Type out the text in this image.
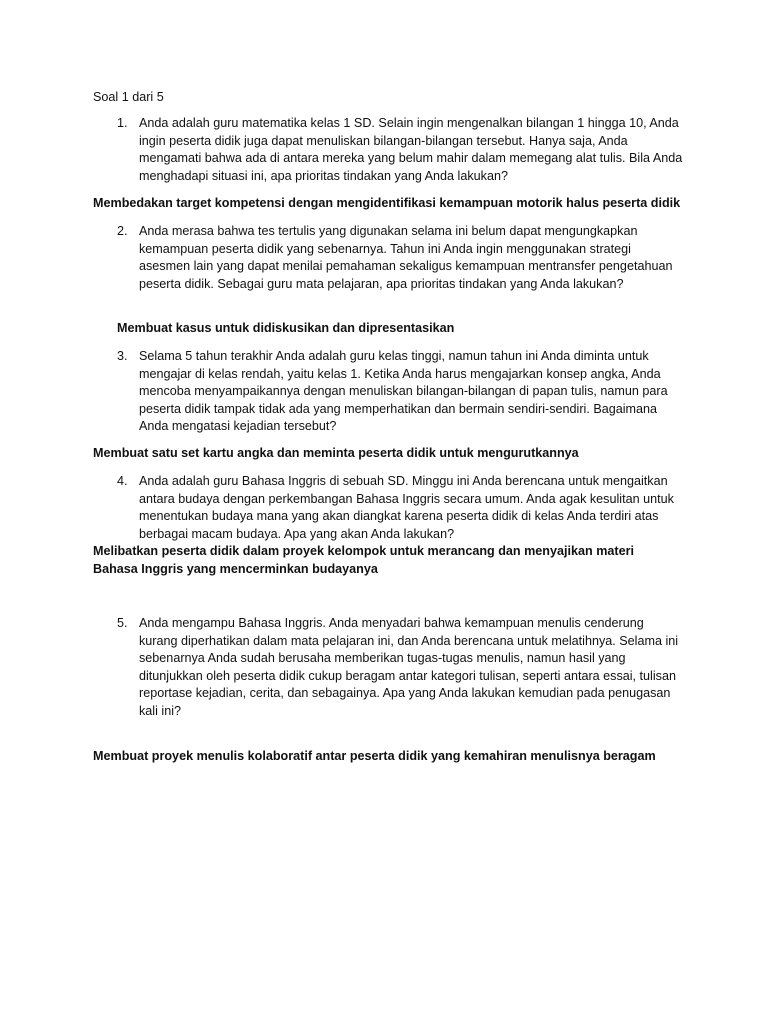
Soal 1 dari 5
1. Anda adalah guru matematika kelas 1 SD. Selain ingin mengenalkan bilangan 1 hingga 10, Anda ingin peserta didik juga dapat menuliskan bilangan-bilangan tersebut. Hanya saja, Anda mengamati bahwa ada di antara mereka yang belum mahir dalam memegang alat tulis. Bila Anda menghadapi situasi ini, apa prioritas tindakan yang Anda lakukan?
Membedakan target kompetensi dengan mengidentifikasi kemampuan motorik halus peserta didik
2. Anda merasa bahwa tes tertulis yang digunakan selama ini belum dapat mengungkapkan kemampuan peserta didik yang sebenarnya. Tahun ini Anda ingin menggunakan strategi asesmen lain yang dapat menilai pemahaman sekaligus kemampuan mentransfer pengetahuan peserta didik. Sebagai guru mata pelajaran, apa prioritas tindakan yang Anda lakukan?
Membuat kasus untuk didiskusikan dan dipresentasikan
3. Selama 5 tahun terakhir Anda adalah guru kelas tinggi, namun tahun ini Anda diminta untuk mengajar di kelas rendah, yaitu kelas 1. Ketika Anda harus mengajarkan konsep angka, Anda mencoba menyampaikannya dengan menuliskan bilangan-bilangan di papan tulis, namun para peserta didik tampak tidak ada yang memperhatikan dan bermain sendiri-sendiri. Bagaimana Anda mengatasi kejadian tersebut?
Membuat satu set kartu angka dan meminta peserta didik untuk mengurutkannya
4. Anda adalah guru Bahasa Inggris di sebuah SD. Minggu ini Anda berencana untuk mengaitkan antara budaya dengan perkembangan Bahasa Inggris secara umum. Anda agak kesulitan untuk menentukan budaya mana yang akan diangkat karena peserta didik di kelas Anda terdiri atas berbagai macam budaya. Apa yang akan Anda lakukan?
Melibatkan peserta didik dalam proyek kelompok untuk merancang dan menyajikan materi Bahasa Inggris yang mencerminkan budayanya
5. Anda mengampu Bahasa Inggris. Anda menyadari bahwa kemampuan menulis cenderung kurang diperhatikan dalam mata pelajaran ini, dan Anda berencana untuk melatihnya. Selama ini sebenarnya Anda sudah berusaha memberikan tugas-tugas menulis, namun hasil yang ditunjukkan oleh peserta didik cukup beragam antar kategori tulisan, seperti antara essai, tulisan reportase kejadian, cerita, dan sebagainya. Apa yang Anda lakukan kemudian pada penugasan kali ini?
Membuat proyek menulis kolaboratif antar peserta didik yang kemahiran menulisnya beragam
